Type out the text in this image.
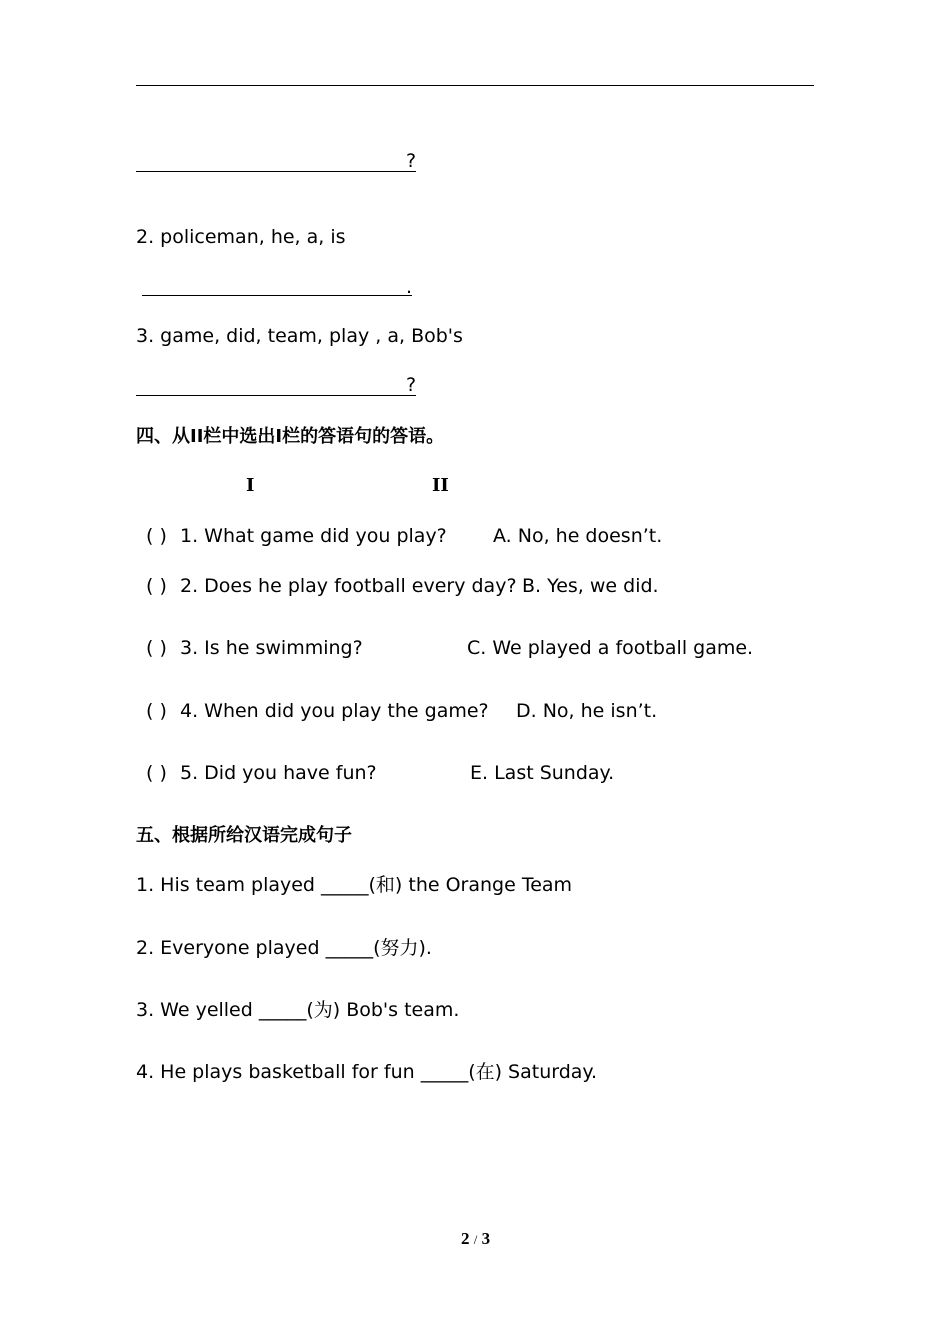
?
2. policeman, he, a, is
.
3. game, did, team, play , a, Bob's
?
四、从II栏中选出I栏的答语句的答语。
I	II
( ) 1. What game did you play? A. No, he doesn’t.
( ) 2. Does he play football every day? B. Yes, we did.
( ) 3. Is he swimming?	C. We played a football game.
( ) 4. When did you play the game? D. No, he isn’t.
( ) 5. Did you have fun?	E. Last Sunday.
五、根据所给汉语完成句子
1. His team played _____(和) the Orange Team
2. Everyone played _____(努力).
3. We yelled _____(为) Bob's team.
4. He plays basketball for fun _____(在) Saturday.
2 / 3
